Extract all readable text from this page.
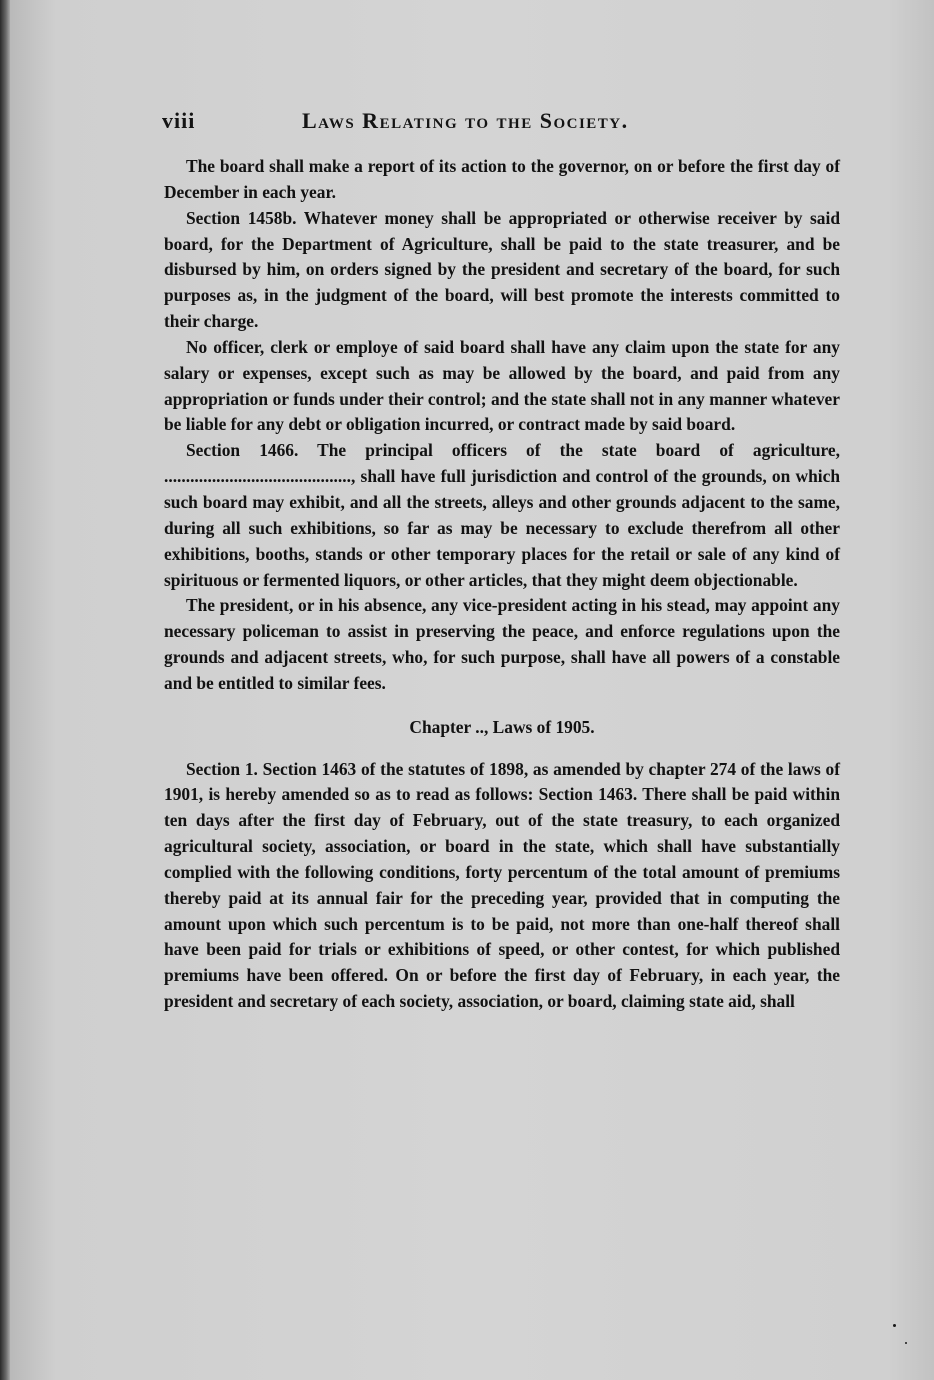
viii	Laws Relating to the Society.

The board shall make a report of its action to the governor, on or before the first day of December in each year.

Section 1458b. Whatever money shall be appropriated or otherwise receiver by said board, for the Department of Agriculture, shall be paid to the state treasurer, and be disbursed by him, on orders signed by the president and secretary of the board, for such purposes as, in the judgment of the board, will best promote the interests committed to their charge.

No officer, clerk or employe of said board shall have any claim upon the state for any salary or expenses, except such as may be allowed by the board, and paid from any appropriation or funds under their control; and the state shall not in any manner whatever be liable for any debt or obligation incurred, or contract made by said board.

Section 1466. The principal officers of the state board of agriculture, ..........................................., shall have full jurisdiction and control of the grounds, on which such board may exhibit, and all the streets, alleys and other grounds adjacent to the same, during all such exhibitions, so far as may be necessary to exclude therefrom all other exhibitions, booths, stands or other temporary places for the retail or sale of any kind of spirituous or fermented liquors, or other articles, that they might deem objectionable.

The president, or in his absence, any vice-president acting in his stead, may appoint any necessary policeman to assist in preserving the peace, and enforce regulations upon the grounds and adjacent streets, who, for such purpose, shall have all powers of a constable and be entitled to similar fees.

Chapter .., Laws of 1905.

Section 1. Section 1463 of the statutes of 1898, as amended by chapter 274 of the laws of 1901, is hereby amended so as to read as follows: Section 1463. There shall be paid within ten days after the first day of February, out of the state treasury, to each organized agricultural society, association, or board in the state, which shall have substantially complied with the following conditions, forty percentum of the total amount of premiums thereby paid at its annual fair for the preceding year, provided that in computing the amount upon which such percentum is to be paid, not more than one-half thereof shall have been paid for trials or exhibitions of speed, or other contest, for which published premiums have been offered. On or before the first day of February, in each year, the president and secretary of each society, association, or board, claiming state aid, shall
